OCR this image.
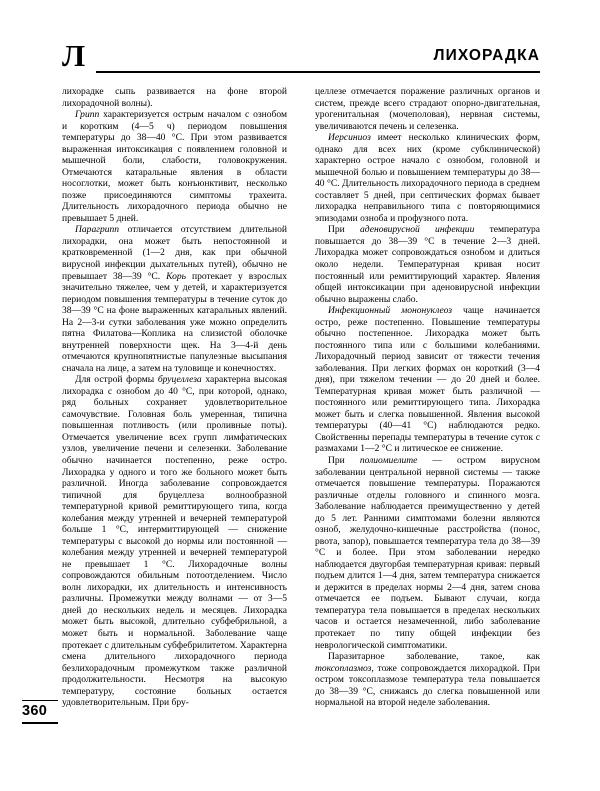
Л	ЛИХОРАДКА

лихорадке сыпь развивается на фоне второй лихорадочной волны).

Грипп характеризуется острым началом с ознобом и коротким (4—5 ч) периодом повышения температуры до 38—40 °С. При этом развивается выраженная интоксикация с появлением головной и мышечной боли, слабости, головокружения. Отмечаются катаральные явления в области носоглотки, может быть конъюнктивит, несколько позже присоединяются симптомы трахеита. Длительность лихорадочного периода обычно не превышает 5 дней.

Парагрипп отличается отсутствием длительной лихорадки, она может быть непостоянной и кратковременной (1—2 дня, как при обычной вирусной инфекции дыхательных путей), обычно не превышает 38—39 °С. Корь протекает у взрослых значительно тяжелее, чем у детей, и характеризуется периодом повышения температуры в течение суток до 38—39 °С на фоне выраженных катаральных явлений. На 2—3-и сутки заболевания уже можно определить пятна Филатова—Коплика на слизистой оболочке внутренней поверхности щек. На 3—4-й день отмечаются крупнопятнистые папулезные высыпания сначала на лице, а затем на туловище и конечностях.

Для острой формы бруцеллеза характерна высокая лихорадка с ознобом до 40 °С, при которой, однако, ряд больных сохраняет удовлетворительное самочувствие. Головная боль умеренная, типична повышенная потливость (или проливные поты). Отмечается увеличение всех групп лимфатических узлов, увеличение печени и селезенки. Заболевание обычно начинается постепенно, реже остро. Лихорадка у одного и того же больного может быть различной. Иногда заболевание сопровождается типичной для бруцеллеза волнообразной температурной кривой ремиттирующего типа, когда колебания между утренней и вечерней температурой больше 1 °С, интермиттирующей — снижение температуры с высокой до нормы или постоянной — колебания между утренней и вечерней температурой не превышает 1 °С. Лихорадочные волны сопровождаются обильным потоотделением. Число волн лихорадки, их длительность и интенсивность различны. Промежутки между волнами — от 3—5 дней до нескольких недель и месяцев. Лихорадка может быть высокой, длительно субфебрильной, а может быть и нормальной. Заболевание чаще протекает с длительным субфебрилитетом. Характерна смена длительного лихорадочного периода безлихорадочным промежутком также различной продолжительности. Несмотря на высокую температуру, состояние больных остается удовлетворительным. При бру-

целлезе отмечается поражение различных органов и систем, прежде всего страдают опорно-двигательная, урогенитальная (мочеполовая), нервная системы, увеличиваются печень и селезенка.

Иерсиниоз имеет несколько клинических форм, однако для всех них (кроме субклинической) характерно острое начало с ознобом, головной и мышечной болью и повышением температуры до 38—40 °С. Длительность лихорадочного периода в среднем составляет 5 дней, при септических формах бывает лихорадка неправильного типа с повторяющимися эпизодами озноба и профузного пота.

При аденовирусной инфекции температура повышается до 38—39 °С в течение 2—3 дней. Лихорадка может сопровождаться ознобом и длиться около недели. Температурная кривая носит постоянный или ремиттирующий характер. Явления общей интоксикации при аденовирусной инфекции обычно выражены слабо.

Инфекционный мононуклеоз чаще начинается остро, реже постепенно. Повышение температуры обычно постепенное. Лихорадка может быть постоянного типа или с большими колебаниями. Лихорадочный период зависит от тяжести течения заболевания. При легких формах он короткий (3—4 дня), при тяжелом течении — до 20 дней и более. Температурная кривая может быть различной — постоянного или ремиттирующего типа. Лихорадка может быть и слегка повышенной. Явления высокой температуры (40—41 °С) наблюдаются редко. Свойственны перепады температуры в течение суток с размахами 1—2 °С и литическое ее снижение.

При полиомиелите — остром вирусном заболевании центральной нервной системы — также отмечается повышение температуры. Поражаются различные отделы головного и спинного мозга. Заболевание наблюдается преимущественно у детей до 5 лет. Ранними симптомами болезни являются озноб, желудочно-кишечные расстройства (понос, рвота, запор), повышается температура тела до 38—39 °С и более. При этом заболевании нередко наблюдается двугорбая температурная кривая: первый подъем длится 1—4 дня, затем температура снижается и держится в пределах нормы 2—4 дня, затем снова отмечается ее подъем. Бывают случаи, когда температура тела повышается в пределах нескольких часов и остается незамеченной, либо заболевание протекает по типу общей инфекции без неврологической симптоматики.

Паразитарное заболевание, такое, как токсоплазмоз, тоже сопровождается лихорадкой. При остром токсоплазмозе температура тела повышается до 38—39 °С, снижаясь до слегка повышенной или нормальной на второй неделе заболевания.

360
